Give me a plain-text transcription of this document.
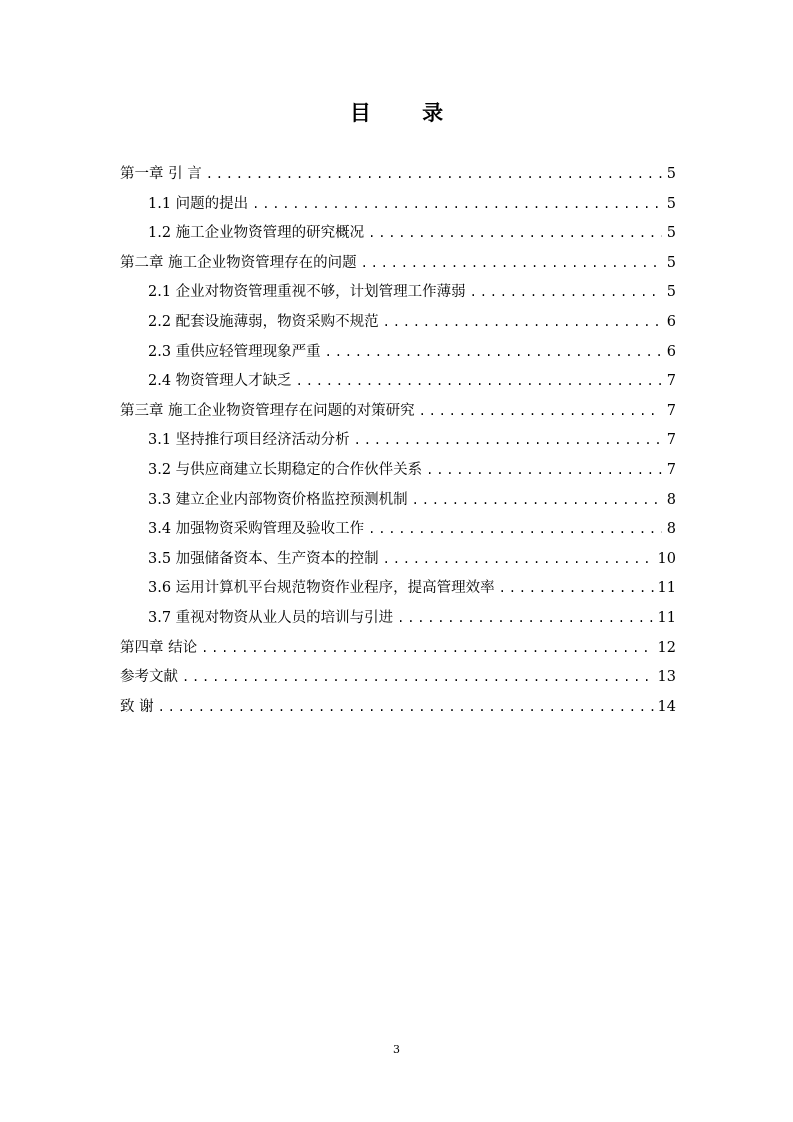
目 录
第一章 引 言 .....	5
1.1 问题的提出 .....	5
1.2 施工企业物资管理的研究概况 .....	5
第二章 施工企业物资管理存在的问题 .....	5
2.1 企业对物资管理重视不够，计划管理工作薄弱 .....	5
2.2 配套设施薄弱，物资采购不规范 .....	6
2.3 重供应轻管理现象严重 .....	6
2.4 物资管理人才缺乏 .....	7
第三章 施工企业物资管理存在问题的对策研究 .....	7
3.1 坚持推行项目经济活动分析 .....	7
3.2 与供应商建立长期稳定的合作伙伴关系 .....	7
3.3 建立企业内部物资价格监控预测机制 .....	8
3.4 加强物资采购管理及验收工作 .....	8
3.5 加强储备资本、生产资本的控制 .....	10
3.6 运用计算机平台规范物资作业程序，提高管理效率 .....	11
3.7 重视对物资从业人员的培训与引进 .....	11
第四章 结论 .....	12
参考文献 .....	13
致 谢 .....	14
3
